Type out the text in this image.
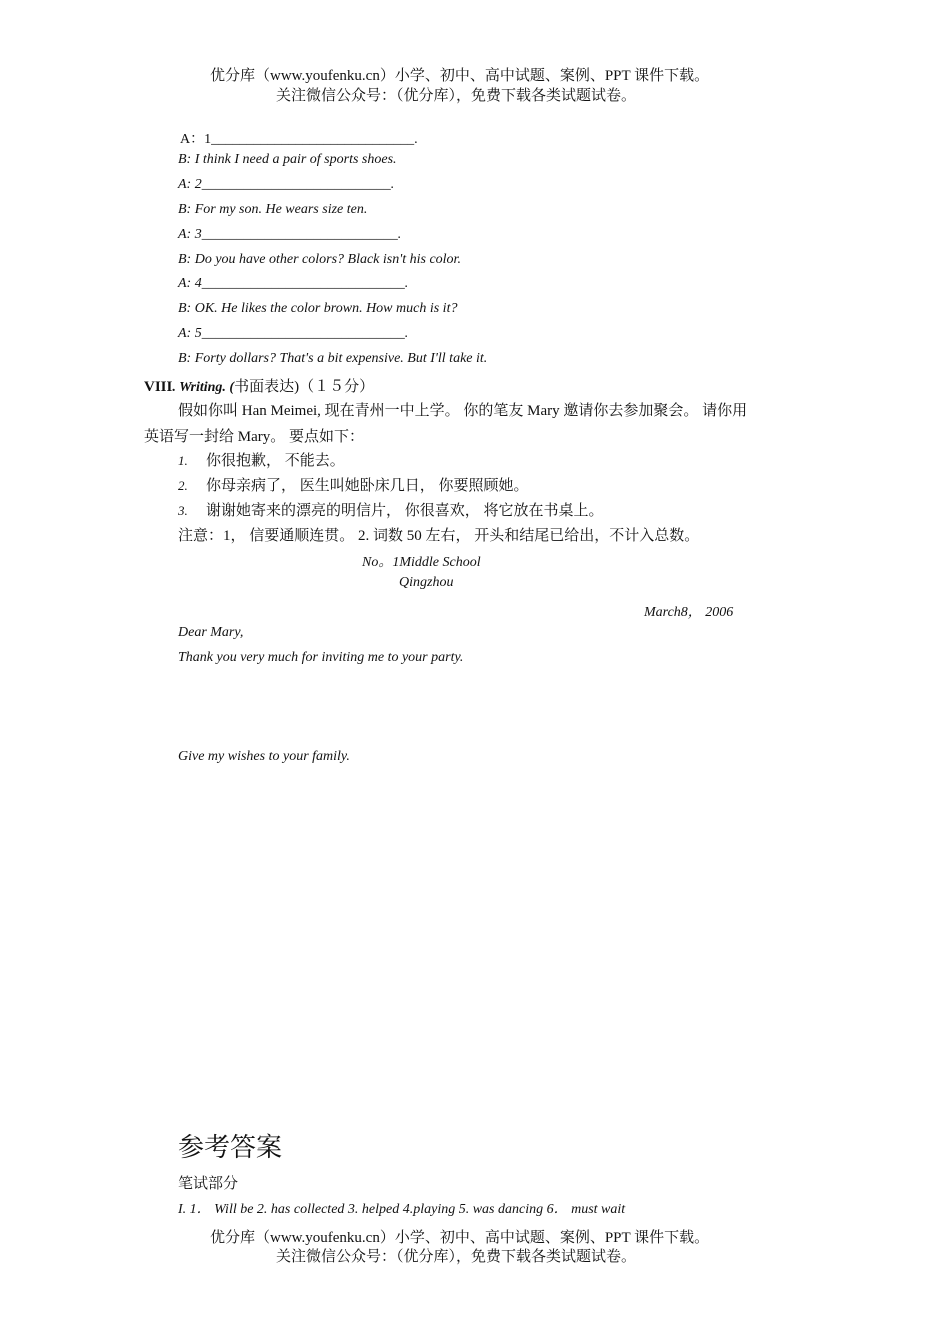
优分库（www.youfenku.cn）小学、初中、高中试题、案例、PPT 课件下载。
关注微信公众号：（优分库），免费下载各类试题试卷。
A：1_____________________________.
B: I think I need a pair of sports shoes.
A: 2___________________________.
B: For my son. He wears size ten.
A: 3____________________________.
B: Do you have other colors? Black isn't his color.
A: 4_____________________________.
B: OK. He likes the color brown. How much is it?
A: 5_____________________________.
B: Forty dollars? That's a bit expensive. But I'll take it.
VIII. Writing. (书面表达)（１５分）
假如你叫 Han Meimei, 现在青州一中上学。 你的笔友 Mary 邀请你去参加聚会。 请你用
英语写一封给 Mary。 要点如下：
1. 你很抱歉， 不能去。
2. 你母亲病了， 医生叫她卧床几日， 你要照顾她。
3. 谢谢她寄来的漂亮的明信片， 你很喜欢， 将它放在书桌上。
注意：1， 信要通顺连贯。 2. 词数 50 左右， 开头和结尾已给出，不计入总数。
No。1Middle School
Qingzhou
March8， 2006
Dear Mary,
Thank you very much for inviting me to your party.
Give my wishes to your family.
参考答案
笔试部分
I. 1． Will be 2. has collected 3. helped 4.playing 5. was dancing 6． must wait
优分库（www.youfenku.cn）小学、初中、高中试题、案例、PPT 课件下载。
关注微信公众号：（优分库），免费下载各类试题试卷。
